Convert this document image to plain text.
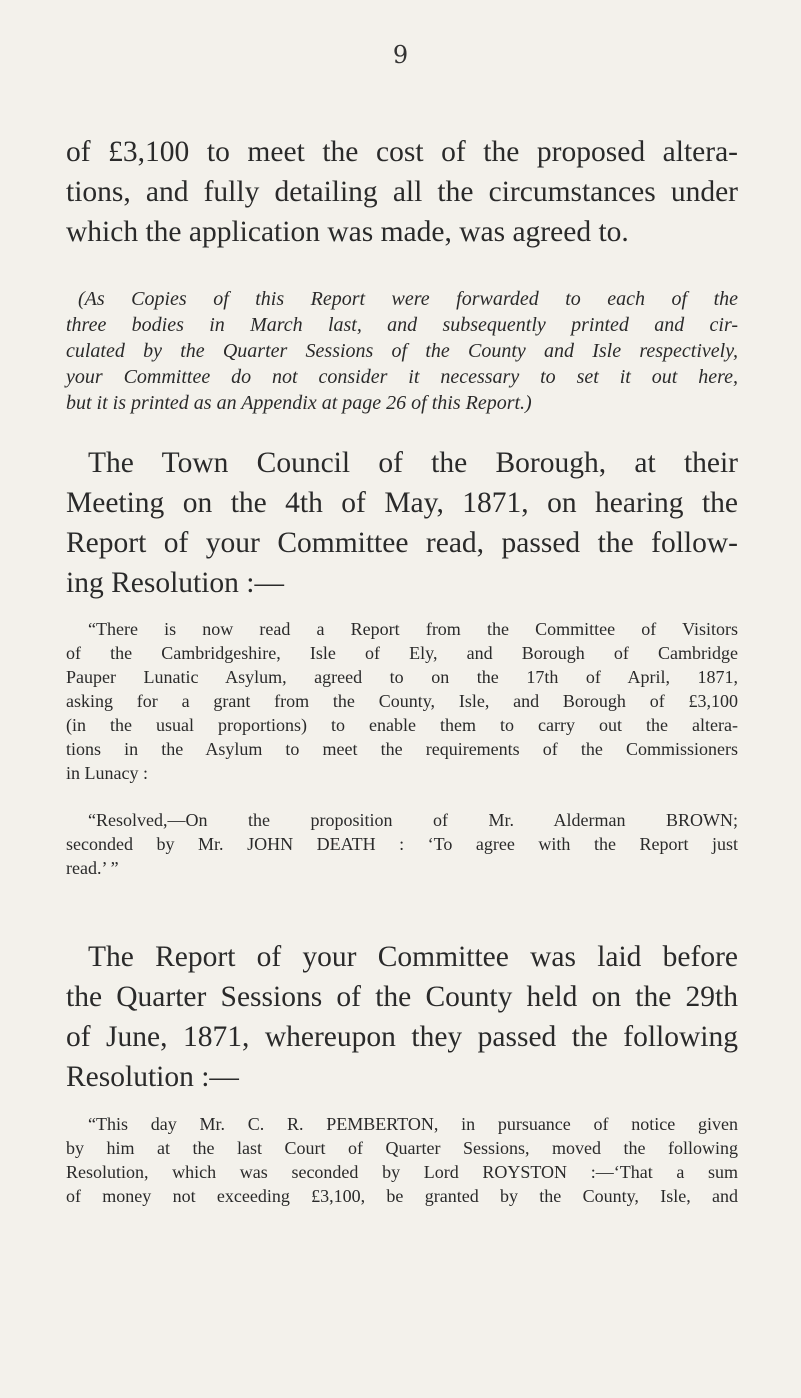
9

of £3,100 to meet the cost of the proposed altera-

tions, and fully detailing all the circumstances under

which the application was made, was agreed to.

(As Copies of this Report were forwarded to each of the

three bodies in March last, and subsequently printed and cir-

culated by the Quarter Sessions of the County and Isle respectively,

your Committee do not consider it necessary to set it out here,

but it is printed as an Appendix at page 26 of this Report.)

The Town Council of the Borough, at their

Meeting on the 4th of May, 1871, on hearing the

Report of your Committee read, passed the follow-

ing Resolution :—

“There is now read a Report from the Committee of Visitors

of the Cambridgeshire, Isle of Ely, and Borough of Cambridge

Pauper Lunatic Asylum, agreed to on the 17th of April, 1871,

asking for a grant from the County, Isle, and Borough of £3,100

(in the usual proportions) to enable them to carry out the altera-

tions in the Asylum to meet the requirements of the Commissioners

in Lunacy :

“Resolved,—On the proposition of Mr. Alderman BROWN;

seconded by Mr. JOHN DEATH : ‘To agree with the Report just

read.’ ”

The Report of your Committee was laid before

the Quarter Sessions of the County held on the 29th

of June, 1871, whereupon they passed the following

Resolution :—

“This day Mr. C. R. PEMBERTON, in pursuance of notice given

by him at the last Court of Quarter Sessions, moved the following

Resolution, which was seconded by Lord ROYSTON :—‘That a sum

of money not exceeding £3,100, be granted by the County, Isle, and
